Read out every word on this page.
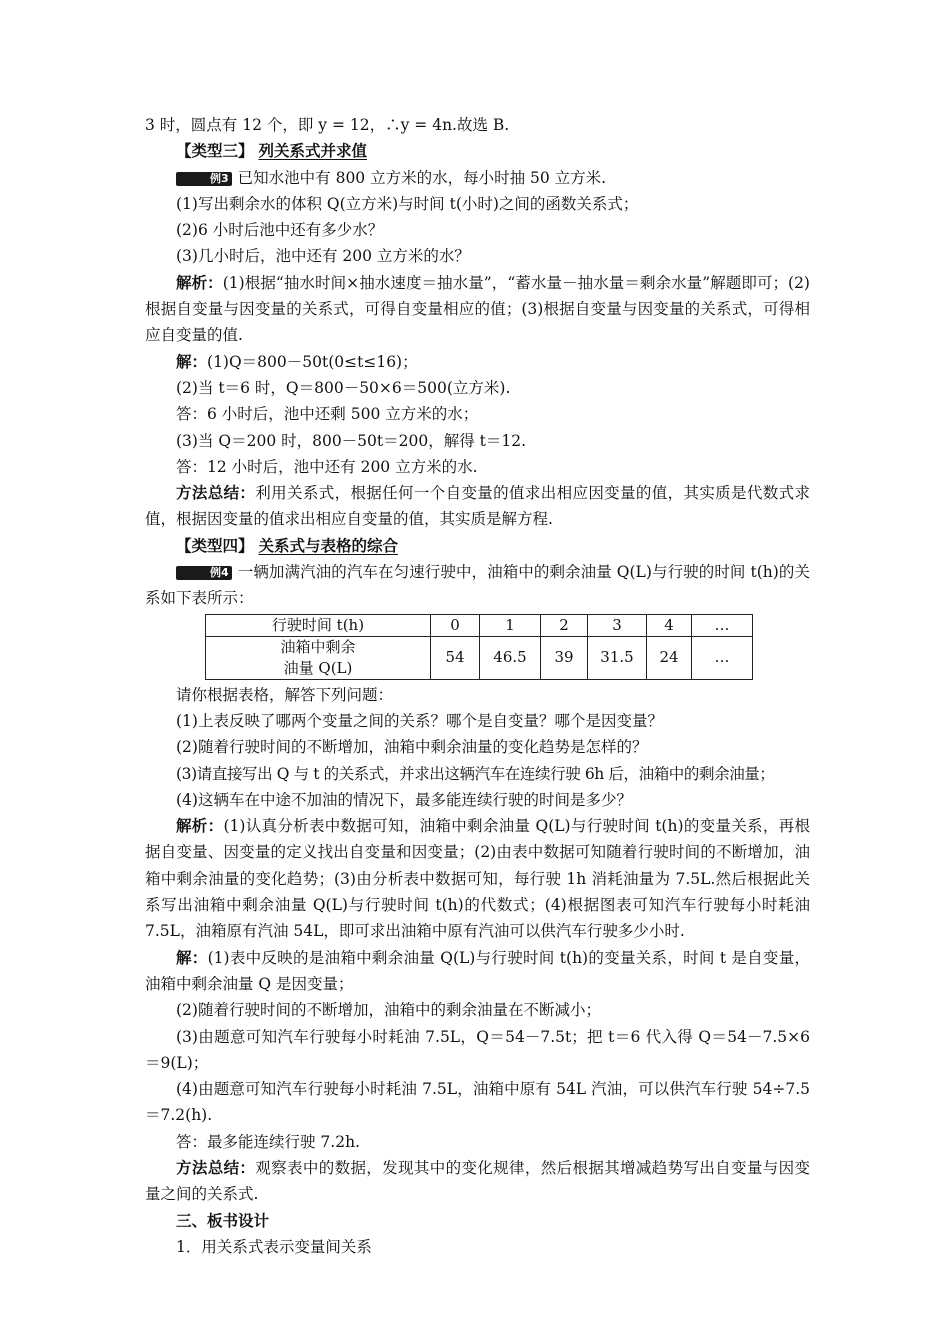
3 时，圆点有 12 个，即 y = 12，∴y = 4n.故选 B.

【类型三】 列关系式并求值

例3 已知水池中有 800 立方米的水，每小时抽 50 立方米.

(1)写出剩余水的体积 Q(立方米)与时间 t(小时)之间的函数关系式；

(2)6 小时后池中还有多少水？

(3)几小时后，池中还有 200 立方米的水？

解析：(1)根据“抽水时间×抽水速度＝抽水量”，“蓄水量－抽水量＝剩余水量”解题即可；(2)根据自变量与因变量的关系式，可得自变量相应的值；(3)根据自变量与因变量的关系式，可得相应自变量的值.

解：(1)Q＝800－50t(0≤t≤16)；

(2)当 t＝6 时，Q＝800－50×6＝500(立方米).

答：6 小时后，池中还剩 500 立方米的水；

(3)当 Q＝200 时，800－50t＝200，解得 t＝12.

答：12 小时后，池中还有 200 立方米的水.

方法总结：利用关系式，根据任何一个自变量的值求出相应因变量的值，其实质是代数式求值，根据因变量的值求出相应自变量的值，其实质是解方程.

【类型四】 关系式与表格的综合

例4 一辆加满汽油的汽车在匀速行驶中，油箱中的剩余油量 Q(L)与行驶的时间 t(h)的关系如下表所示：

行驶时间 t(h)	0	1	2	3	4	…

油箱中剩余
油量 Q(L)	54	46.5	39	31.5	24	…

请你根据表格，解答下列问题：

(1)上表反映了哪两个变量之间的关系？哪个是自变量？哪个是因变量？

(2)随着行驶时间的不断增加，油箱中剩余油量的变化趋势是怎样的？

(3)请直接写出 Q 与 t 的关系式，并求出这辆汽车在连续行驶 6h 后，油箱中的剩余油量；

(4)这辆车在中途不加油的情况下，最多能连续行驶的时间是多少？

解析：(1)认真分析表中数据可知，油箱中剩余油量 Q(L)与行驶时间 t(h)的变量关系，再根据自变量、因变量的定义找出自变量和因变量；(2)由表中数据可知随着行驶时间的不断增加，油箱中剩余油量的变化趋势；(3)由分析表中数据可知，每行驶 1h 消耗油量为 7.5L.然后根据此关系写出油箱中剩余油量 Q(L)与行驶时间 t(h)的代数式；(4)根据图表可知汽车行驶每小时耗油 7.5L，油箱原有汽油 54L，即可求出油箱中原有汽油可以供汽车行驶多少小时.

解：(1)表中反映的是油箱中剩余油量 Q(L)与行驶时间 t(h)的变量关系，时间 t 是自变量，油箱中剩余油量 Q 是因变量；

(2)随着行驶时间的不断增加，油箱中的剩余油量在不断减小；

(3)由题意可知汽车行驶每小时耗油 7.5L，Q＝54－7.5t；把 t＝6 代入得 Q＝54－7.5×6＝9(L)；

(4)由题意可知汽车行驶每小时耗油 7.5L，油箱中原有 54L 汽油，可以供汽车行驶 54÷7.5＝7.2(h).

答：最多能连续行驶 7.2h.

方法总结：观察表中的数据，发现其中的变化规律，然后根据其增减趋势写出自变量与因变量之间的关系式.

三、板书设计

1．用关系式表示变量间关系
